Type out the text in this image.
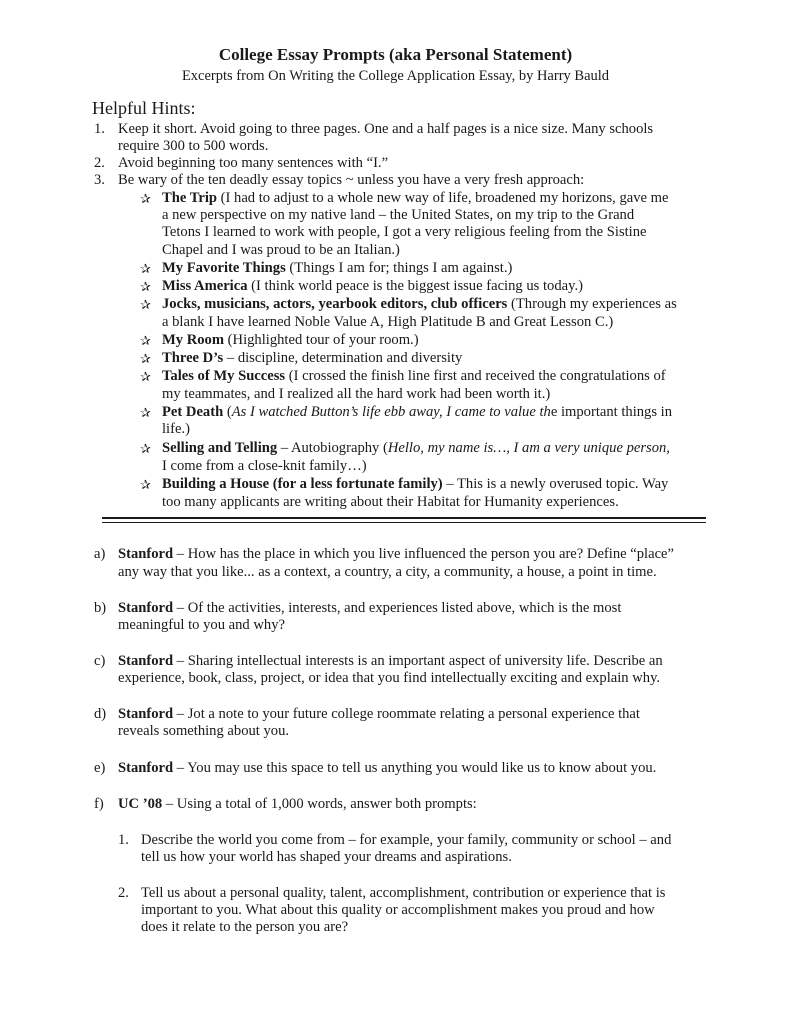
College Essay Prompts (aka Personal Statement)
Excerpts from On Writing the College Application Essay, by Harry Bauld
Helpful Hints:
1. Keep it short. Avoid going to three pages. One and a half pages is a nice size. Many schools
require 300 to 500 words.
2. Avoid beginning too many sentences with “I.”
3. Be wary of the ten deadly essay topics ~ unless you have a very fresh approach:
✰ The Trip (I had to adjust to a whole new way of life, broadened my horizons, gave me
a new perspective on my native land – the United States, on my trip to the Grand
Tetons I learned to work with people, I got a very religious feeling from the Sistine
Chapel and I was proud to be an Italian.)
✰ My Favorite Things (Things I am for; things I am against.)
✰ Miss America (I think world peace is the biggest issue facing us today.)
✰ Jocks, musicians, actors, yearbook editors, club officers (Through my experiences as
a blank I have learned Noble Value A, High Platitude B and Great Lesson C.)
✰ My Room (Highlighted tour of your room.)
✰ Three D’s – discipline, determination and diversity
✰ Tales of My Success (I crossed the finish line first and received the congratulations of
my teammates, and I realized all the hard work had been worth it.)
✰ Pet Death (As I watched Button’s life ebb away, I came to value the important things in
life.)
✰ Selling and Telling – Autobiography (Hello, my name is…, I am a very unique person,
I come from a close-knit family…)
✰ Building a House (for a less fortunate family) – This is a newly overused topic. Way
too many applicants are writing about their Habitat for Humanity experiences.
a) Stanford – How has the place in which you live influenced the person you are? Define “place”
any way that you like... as a context, a country, a city, a community, a house, a point in time.
b) Stanford – Of the activities, interests, and experiences listed above, which is the most
meaningful to you and why?
c) Stanford – Sharing intellectual interests is an important aspect of university life. Describe an
experience, book, class, project, or idea that you find intellectually exciting and explain why.
d) Stanford – Jot a note to your future college roommate relating a personal experience that
reveals something about you.
e) Stanford – You may use this space to tell us anything you would like us to know about you.
f) UC ’08 – Using a total of 1,000 words, answer both prompts:
1. Describe the world you come from – for example, your family, community or school – and
tell us how your world has shaped your dreams and aspirations.
2. Tell us about a personal quality, talent, accomplishment, contribution or experience that is
important to you. What about this quality or accomplishment makes you proud and how
does it relate to the person you are?
